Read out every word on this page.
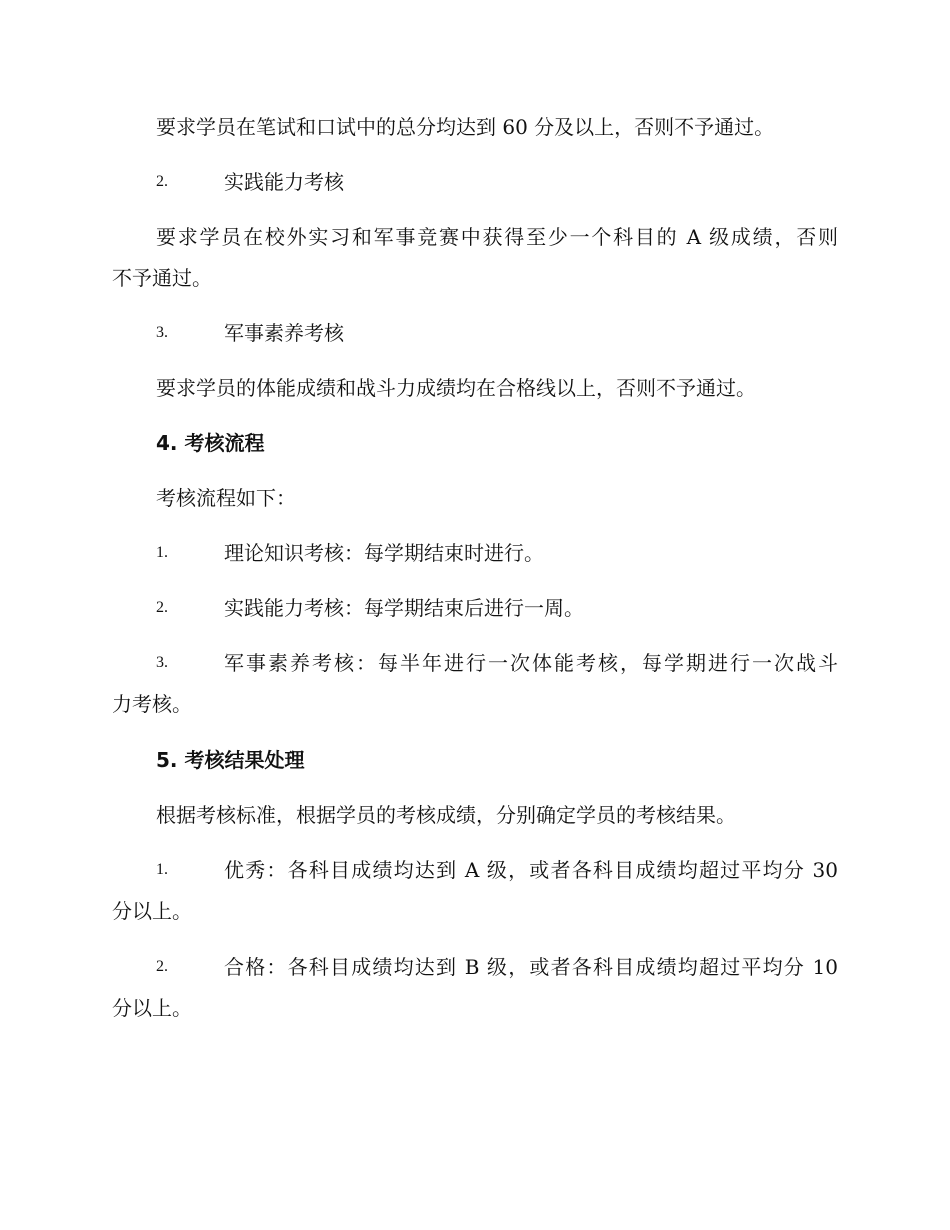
要求学员在笔试和口试中的总分均达到 60 分及以上，否则不予通过。
2.	实践能力考核
要求学员在校外实习和军事竞赛中获得至少一个科目的 A 级成绩，否则
不予通过。
3.	军事素养考核
要求学员的体能成绩和战斗力成绩均在合格线以上，否则不予通过。
4. 考核流程
考核流程如下：
1.	理论知识考核：每学期结束时进行。
2.	实践能力考核：每学期结束后进行一周。
3.	军事素养考核：每半年进行一次体能考核，每学期进行一次战斗
力考核。
5. 考核结果处理
根据考核标准，根据学员的考核成绩，分别确定学员的考核结果。
1.	优秀：各科目成绩均达到 A 级，或者各科目成绩均超过平均分 30
分以上。
2.	合格：各科目成绩均达到 B 级，或者各科目成绩均超过平均分 10
分以上。
